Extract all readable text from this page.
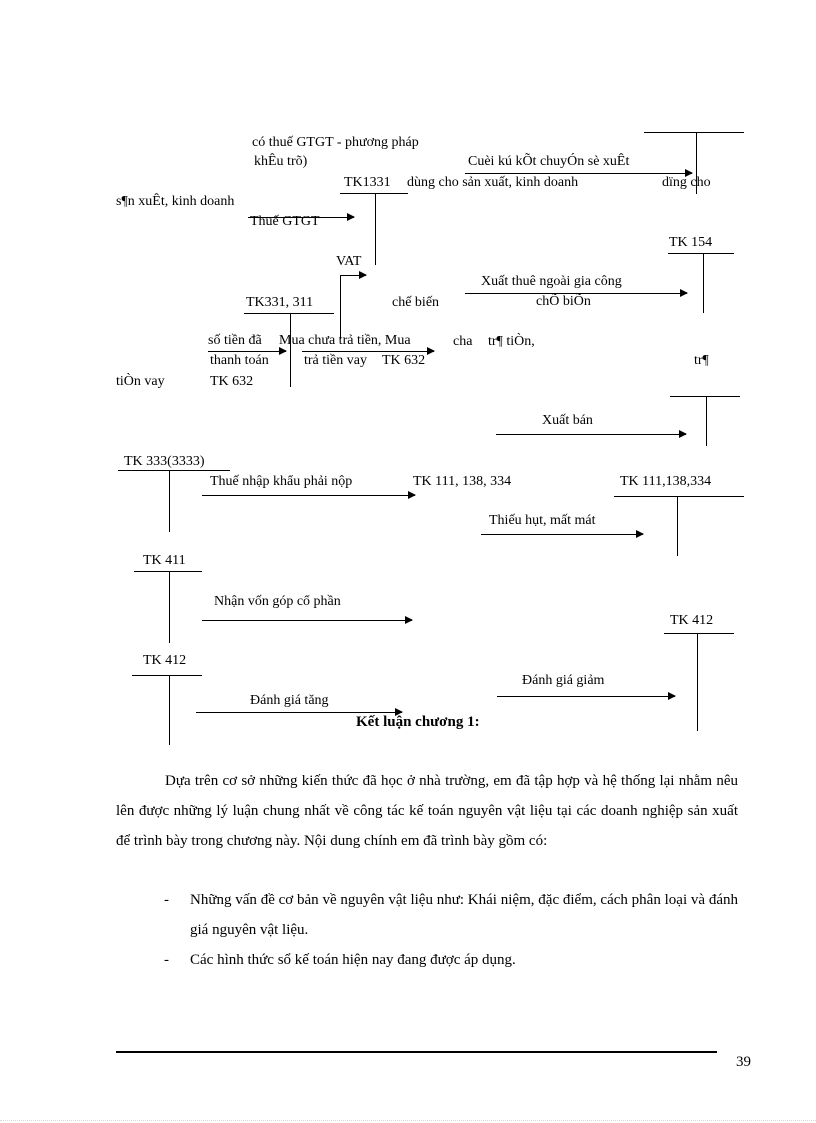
có thuế GTGT - phương pháp
khÊu trõ)	Cuèi kú kÕt chuyÓn sè xuÊt
TK1331 dùng cho sản xuất, kinh doanh	dïng cho
s¶n xuÊt, kinh doanh
Thuế GTGT
TK 154
VAT
Xuất thuê ngoài gia công
TK331, 311	chế biến	chÕ biÕn
số tiền đã Mua chưa trả tiền, Mua	cha tr¶ tiÒn,
thanh toán	trả tiền vay TK 632	tr¶
tiÒn vay	TK 632
Xuất bán
TK 333(3333)
Thuế nhập khẩu phải nộp	TK 111, 138, 334	TK 111,138,334
Thiếu hụt, mất mát
TK 411
Nhận vốn góp cổ phần
TK 412
TK 412
Đánh giá giảm
Đánh giá tăng
Kết luận chương 1:
Dựa trên cơ sở những kiến thức đã học ở nhà trường, em đã tập hợp và hệ thống lại nhằm nêu lên được những lý luận chung nhất về công tác kế toán nguyên vật liệu tại các doanh nghiệp sản xuất để trình bày trong chương này. Nội dung chính em đã trình bày gồm có:
- Những vấn đề cơ bản về nguyên vật liệu như: Khái niệm, đặc điểm, cách phân loại và đánh giá nguyên vật liệu.
- Các hình thức sổ kế toán hiện nay đang được áp dụng.
39
